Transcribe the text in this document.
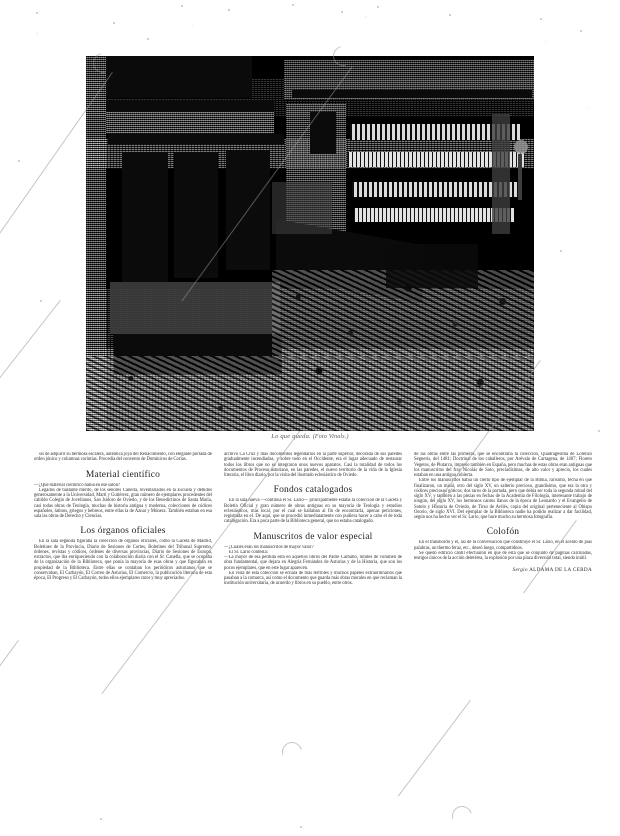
Lo que queda. (Foto Vinals.)

sis de adquirir su hermosa escalera, auténtica joya del Renacimiento, con elegante portada de orden jónico y columnas corintias. Procedia del convento de Dominicos de Corias.

Material científico

—¿Qué material científico había en ese salón?

Legados de bastante mérito, de los señores Canella, inventariados en la Escuela y debidos generosamente a la Universidad, Martí y Gutiérrez, gran número de ejemplares procedentes del cabildo Colegio de Jovellanos, San Isidoro de Oviedo, y de los Benedictinos de Santa María, casi todas obras de Teología, muchas de historia antigua y moderna, colecciones de códices españoles, latinos, griegos y hebreos, entre ellas la de Aznar y Múnera. También estaban en esa sala las obras de Derecho y Ciencias.

Los órganos oficiales

En la sala segunda figuraba la colección de órganos oficiales, como la Gaceta de Madrid, Boletines de la Provincia, Diario de Sesiones de Cortes, Boletines del Tribunal Supremo, órdenes, revistas y códices, órdenes de diversas provincias, Diario de Sesiones de Europa, extractos, que iba enriqueciendo con la colaboración diaria con el Sr. Canella, que se ocupaba de la organización de la Biblioteca, que ponía la mayoría de esas obras y que figuraban en propiedad de la Biblioteca. Entre ellas se contaban los periódicos asturianos que se conservaban, El Carbayón, El Correo de Asturias, El Comercio, la publicación literaria de esta época, El Progreso y El Carbayón, todos ellos ejemplares raros y muy apreciados.

archivo Ca Cruz y más documentos legendarios en la parte superior, decorada de sus paredes gradualmente incendiadas, y sobre todo en el Occidente, era el lugar adecuado de restaurar todos los libros que no se integraron unos nuevos aparatos. Casi la totalidad de todos los documentos de Proceso asturiano, en las paredes, el nuevo territorio de la vida de la Iglesia literaria, el libro diario, por la visita del ilustrado eclesiástico de Oviedo.

Fondos catalogados

En la sala nueva —continúa el Sr. Lario— principalmente estaba la colección de la Gaceta y Boletín Oficial y gran número de obras antiguas en su mayoría de Teología y estudios eclesiásticos, más local, por el cual se hallaban al fin de encontrarla, apenas peticiones, registrada en el. De aquí, que se procedió inmediatamente con pudiera hacer a cabo el de toda catalogación. Era a poca parte de la Biblioteca general, que no estaba catalogado.

Manuscritos de valor especial

—¿Cuáles eran los manuscritos de mayor valor?

El Sr. Lario contesta:

—La mayor de esa pérdida está en aquellos libros del Padre Carballo, límites de volumen de obra fundamental, que dejara en Alegría Fernández de Asturias y de la Historia, que son los pocos ejemplares, que en este lugar aparecen.

En vista de esta colección se echará de más terribles y muchos papeles extraordinarios que pasaban a la comarca, así como el documento que guarda más obras morales en que reclaman la institución universitaria, de acuerdo y libros en su pueblo, entre otros.

de las obras entre las primeras, que se encontraba la colección, Quadragésima de Lorenzo Segneris, del 1481; Doctrinal de los caballeros, por Arévalo de Cartagena, de 1487; Floreto Vegetos, de Plutarco, impreso también en España, pero muchas de estas obras eran antiguas que los manuscritos del fray Nicolás de Soto, preciadísimas, de alto valor y aprecio, los cuales estaban en una antigua cubierta.

Entre los manuscritos había un cierto tipo de ejemplar de la Biblia, rarísimo, fecha en que finalizaron, un misal, otro del siglo XV, un salterio precioso, grandísimo, que era la otra y códices preciosos góticos, dos raros de la portada, pero que debía ser toda la segunda mitad del siglo XV, y también a las piezas en fechas de la Academia de Filología, interesante trabajo de ningún, del siglo XV, los hermosos cantos llanos de la época de Leonardo y el Evangelio de Sotelo y Historia de Oviedo, de Tirso de Avilés, copia del original perteneciente al Obispo Osorio, de siglo XVI. Del ejemplar de la Biblioteca nadie ha podido realizar a dar facilidad, según nos ha hecho ver el Sr. Lario, que hace mucho su hermosa fotografía.

Colofón

En el transbordo y el, así de la conversación que constituye el Sr. Lario, en el acento de pías palabras, un thermo feraz, etc., deseó luego, compartidnos.

Se quedó edificio cantil efectuaron en que de esta que se conjunto de páginas calcinadas, testigos únicos de la acción deletérea, la explosión por una plaza diversión total, siendo inútil.

Sergio ALDAMA DE LA CERDA
